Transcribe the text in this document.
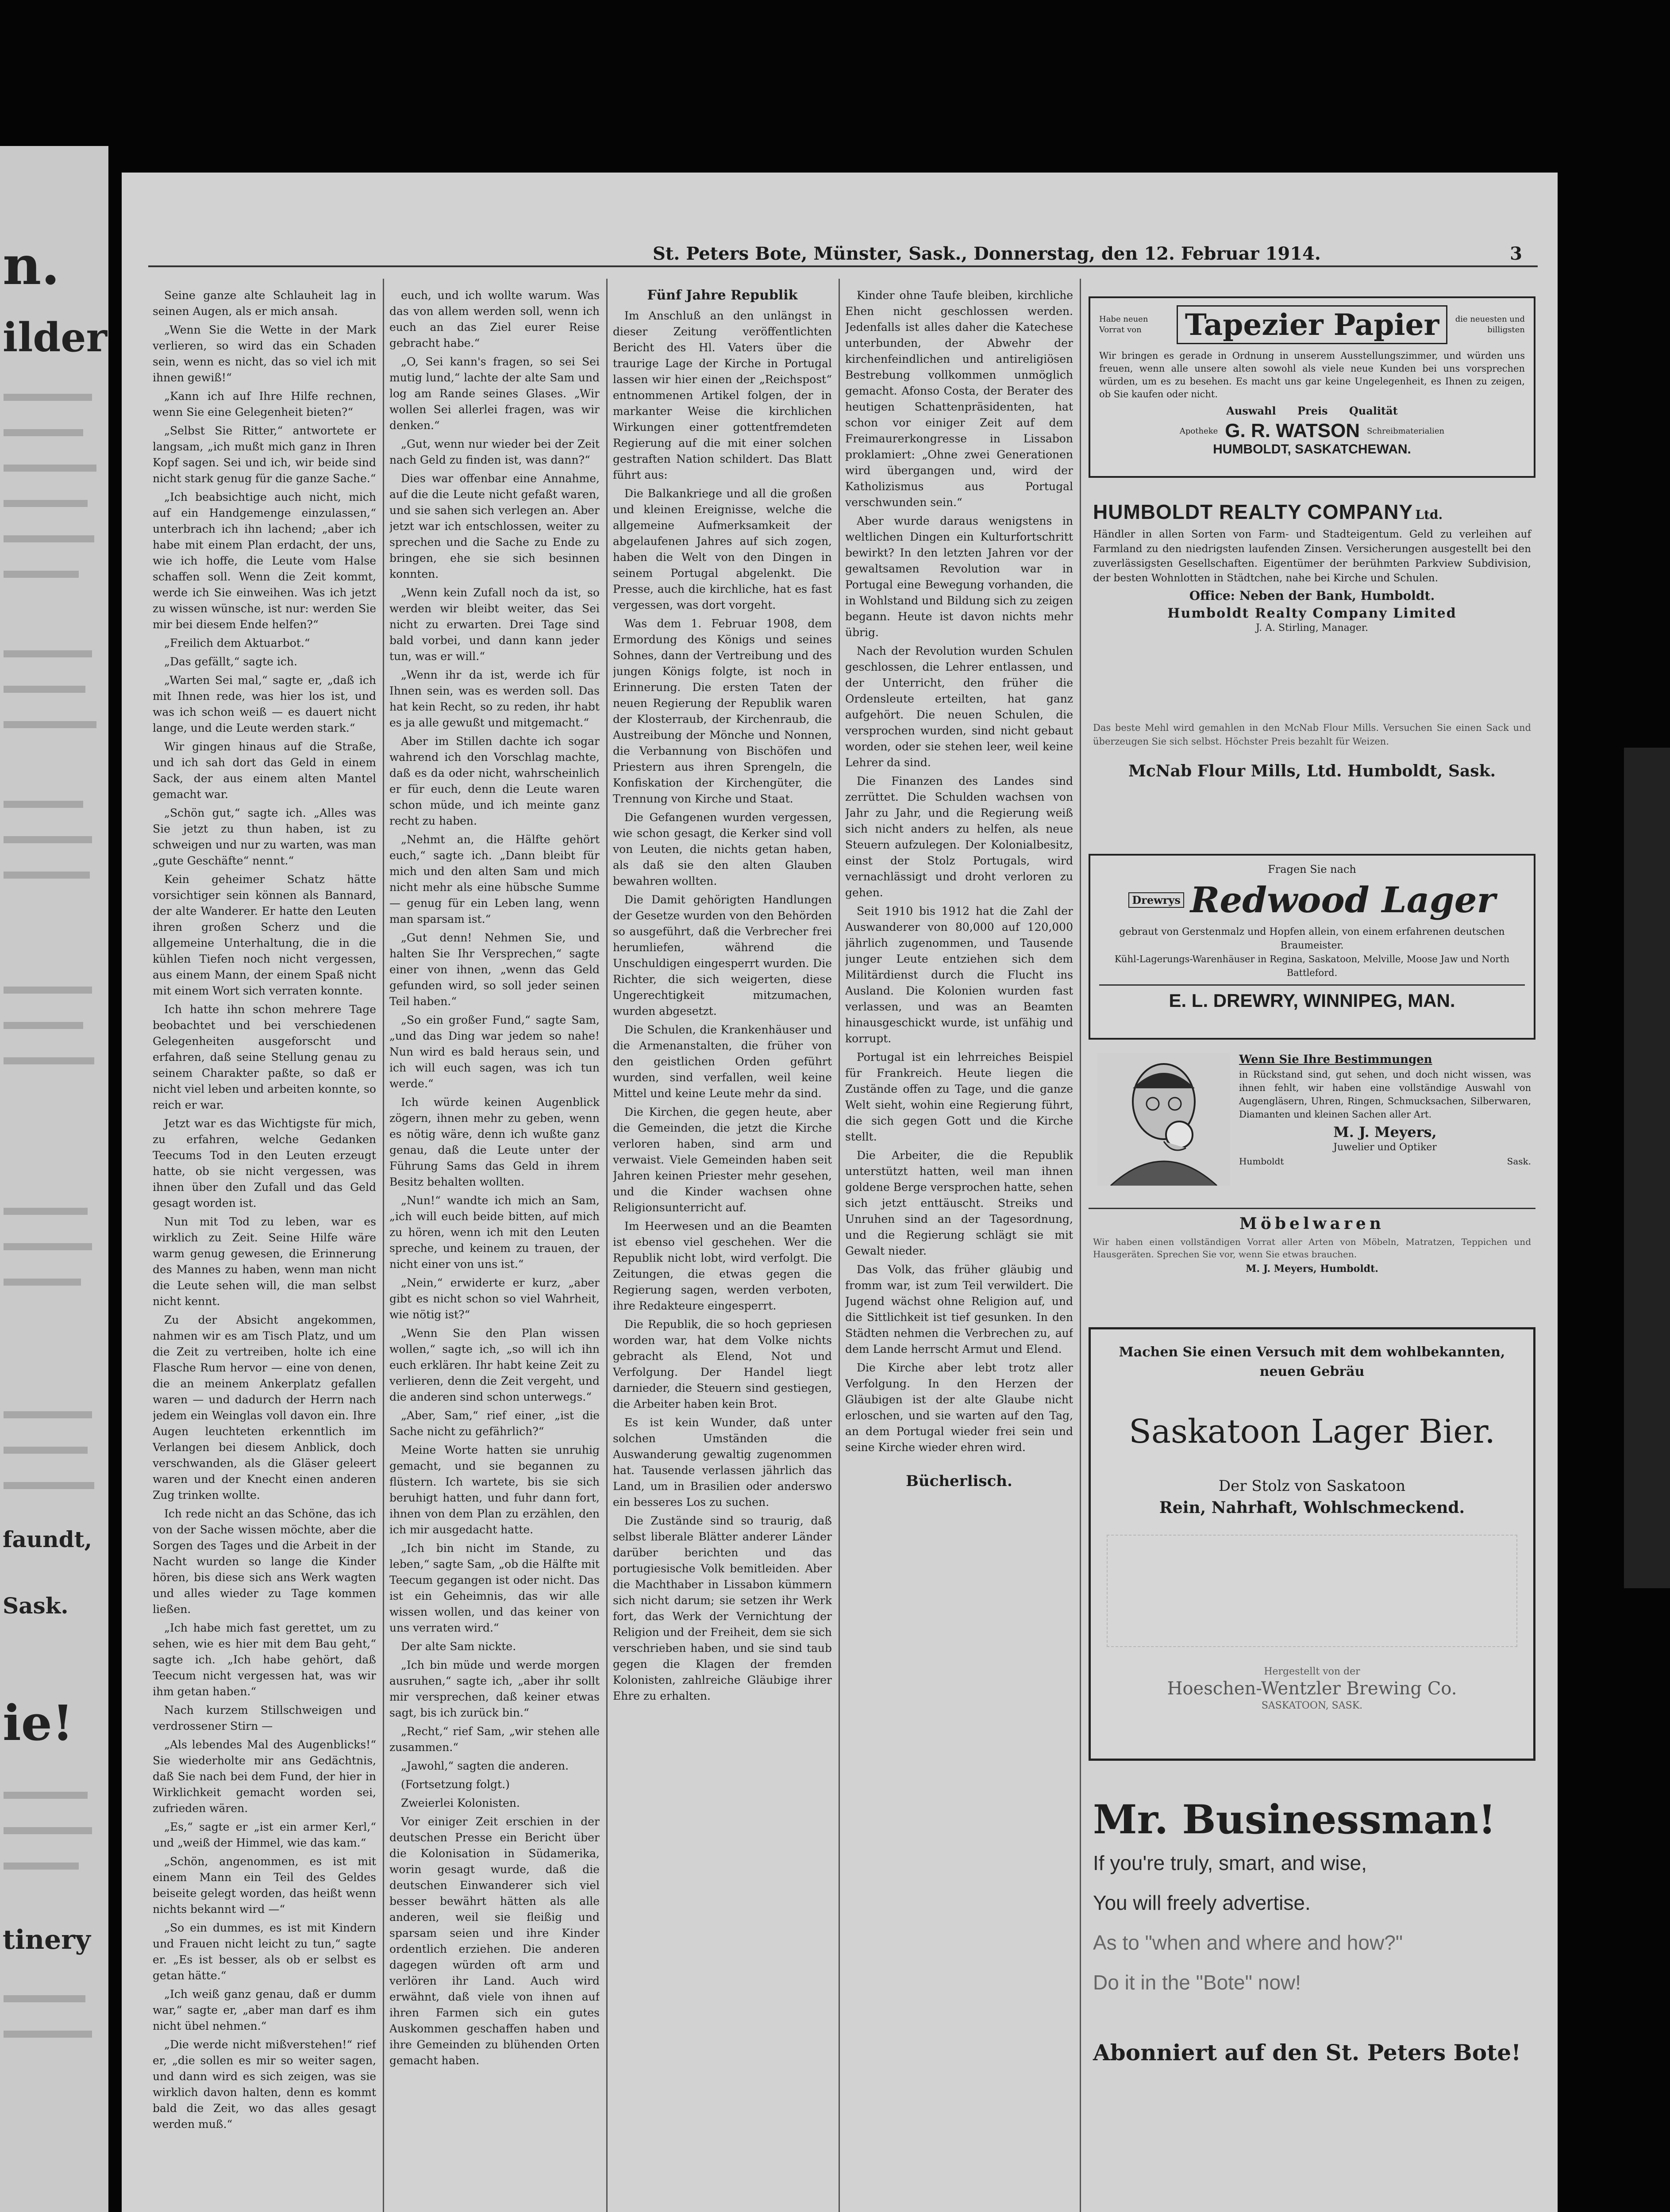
n.
ilder
faundt,
Sask.
ie!
tinery
St. Peters Bote, Münster, Sask., Donnerstag, den 12. Februar 1914.	3

Seine ganze alte Schlauheit lag in seinen Augen, als er mich ansah.

„Wenn Sie die Wette in der Mark verlieren, so wird das ein Schaden sein, wenn es nicht, das so viel ich mit ihnen gewiß!“

„Kann ich auf Ihre Hilfe rechnen, wenn Sie eine Gelegenheit bieten?“

„Selbst Sie Ritter,“ antwortete er langsam, „ich mußt mich ganz in Ihren Kopf sagen. Sei und ich, wir beide sind nicht stark genug für die ganze Sache.“

„Ich beabsichtige auch nicht, mich auf ein Handgemenge einzulassen,“ unterbrach ich ihn lachend; „aber ich habe mit einem Plan erdacht, der uns, wie ich hoffe, die Leute vom Halse schaffen soll. Wenn die Zeit kommt, werde ich Sie einweihen. Was ich jetzt zu wissen wünsche, ist nur: werden Sie mir bei diesem Ende helfen?“

„Freilich dem Aktuarbot.“

„Das gefällt,“ sagte ich.

„Warten Sei mal,“ sagte er, „daß ich mit Ihnen rede, was hier los ist, und was ich schon weiß — es dauert nicht lange, und die Leute werden stark.“

Wir gingen hinaus auf die Straße, und ich sah dort das Geld in einem Sack, der aus einem alten Mantel gemacht war.

„Schön gut,“ sagte ich. „Alles was Sie jetzt zu thun haben, ist zu schweigen und nur zu warten, was man „gute Geschäfte“ nennt.“

Kein geheimer Schatz hätte vorsichtiger sein können als Bannard, der alte Wanderer. Er hatte den Leuten ihren großen Scherz und die allgemeine Unterhaltung, die in die kühlen Tiefen noch nicht vergessen, aus einem Mann, der einem Spaß nicht mit einem Wort sich verraten konnte.

Ich hatte ihn schon mehrere Tage beobachtet und bei verschiedenen Gelegenheiten ausgeforscht und erfahren, daß seine Stellung genau zu seinem Charakter paßte, so daß er nicht viel leben und arbeiten konnte, so reich er war.

Jetzt war es das Wichtigste für mich, zu erfahren, welche Gedanken Teecums Tod in den Leuten erzeugt hatte, ob sie nicht vergessen, was ihnen über den Zufall und das Geld gesagt worden ist.

Nun mit Tod zu leben, war es wirklich zu Zeit. Seine Hilfe wäre warm genug gewesen, die Erinnerung des Mannes zu haben, wenn man nicht die Leute sehen will, die man selbst nicht kennt.

Zu der Absicht angekommen, nahmen wir es am Tisch Platz, und um die Zeit zu vertreiben, holte ich eine Flasche Rum hervor — eine von denen, die an meinem Ankerplatz gefallen waren — und dadurch der Herrn nach jedem ein Weinglas voll davon ein. Ihre Augen leuchteten erkenntlich im Verlangen bei diesem Anblick, doch verschwanden, als die Gläser geleert waren und der Knecht einen anderen Zug trinken wollte.

Ich rede nicht an das Schöne, das ich von der Sache wissen möchte, aber die Sorgen des Tages und die Arbeit in der Nacht wurden so lange die Kinder hören, bis diese sich ans Werk wagten und alles wieder zu Tage kommen ließen.

„Ich habe mich fast gerettet, um zu sehen, wie es hier mit dem Bau geht,“ sagte ich. „Ich habe gehört, daß Teecum nicht vergessen hat, was wir ihm getan haben.“

Nach kurzem Stillschweigen und verdrossener Stirn —

„Als lebendes Mal des Augenblicks!“ Sie wiederholte mir ans Gedächtnis, daß Sie nach bei dem Fund, der hier in Wirklichkeit gemacht worden sei, zufrieden wären.

„Es,“ sagte er „ist ein armer Kerl,“ und „weiß der Himmel, wie das kam.“

„Schön, angenommen, es ist mit einem Mann ein Teil des Geldes beiseite gelegt worden, das heißt wenn nichts bekannt wird —“

„So ein dummes, es ist mit Kindern und Frauen nicht leicht zu tun,“ sagte er. „Es ist besser, als ob er selbst es getan hätte.“

„Ich weiß ganz genau, daß er dumm war,“ sagte er, „aber man darf es ihm nicht übel nehmen.“

„Die werde nicht mißverstehen!“ rief er, „die sollen es mir so weiter sagen, und dann wird es sich zeigen, was sie wirklich davon halten, denn es kommt bald die Zeit, wo das alles gesagt werden muß.“

euch, und ich wollte warum. Was das von allem werden soll, wenn ich euch an das Ziel eurer Reise gebracht habe.“

„O, Sei kann's fragen, so sei Sei mutig lund,“ lachte der alte Sam und log am Rande seines Glases. „Wir wollen Sei allerlei fragen, was wir denken.“

„Gut, wenn nur wieder bei der Zeit nach Geld zu finden ist, was dann?“

Dies war offenbar eine Annahme, auf die die Leute nicht gefaßt waren, und sie sahen sich verlegen an. Aber jetzt war ich entschlossen, weiter zu sprechen und die Sache zu Ende zu bringen, ehe sie sich besinnen konnten.

„Wenn kein Zufall noch da ist, so werden wir bleibt weiter, das Sei nicht zu erwarten. Drei Tage sind bald vorbei, und dann kann jeder tun, was er will.“

„Wenn ihr da ist, werde ich für Ihnen sein, was es werden soll. Das hat kein Recht, so zu reden, ihr habt es ja alle gewußt und mitgemacht.“

Aber im Stillen dachte ich sogar wahrend ich den Vorschlag machte, daß es da oder nicht, wahrscheinlich er für euch, denn die Leute waren schon müde, und ich meinte ganz recht zu haben.

„Nehmt an, die Hälfte gehört euch,“ sagte ich. „Dann bleibt für mich und den alten Sam und mich nicht mehr als eine hübsche Summe — genug für ein Leben lang, wenn man sparsam ist.“

„Gut denn! Nehmen Sie, und halten Sie Ihr Versprechen,“ sagte einer von ihnen, „wenn das Geld gefunden wird, so soll jeder seinen Teil haben.“

„So ein großer Fund,“ sagte Sam, „und das Ding war jedem so nahe! Nun wird es bald heraus sein, und ich will euch sagen, was ich tun werde.“

Ich würde keinen Augenblick zögern, ihnen mehr zu geben, wenn es nötig wäre, denn ich wußte ganz genau, daß die Leute unter der Führung Sams das Geld in ihrem Besitz behalten wollten.

„Nun!“ wandte ich mich an Sam, „ich will euch beide bitten, auf mich zu hören, wenn ich mit den Leuten spreche, und keinem zu trauen, der nicht einer von uns ist.“

„Nein,“ erwiderte er kurz, „aber gibt es nicht schon so viel Wahrheit, wie nötig ist?“

„Wenn Sie den Plan wissen wollen,“ sagte ich, „so will ich ihn euch erklären. Ihr habt keine Zeit zu verlieren, denn die Zeit vergeht, und die anderen sind schon unterwegs.“

„Aber, Sam,“ rief einer, „ist die Sache nicht zu gefährlich?“

Meine Worte hatten sie unruhig gemacht, und sie begannen zu flüstern. Ich wartete, bis sie sich beruhigt hatten, und fuhr dann fort, ihnen von dem Plan zu erzählen, den ich mir ausgedacht hatte.

„Ich bin nicht im Stande, zu leben,“ sagte Sam, „ob die Hälfte mit Teecum gegangen ist oder nicht. Das ist ein Geheimnis, das wir alle wissen wollen, und das keiner von uns verraten wird.“

Der alte Sam nickte.

„Ich bin müde und werde morgen ausruhen,“ sagte ich, „aber ihr sollt mir versprechen, daß keiner etwas sagt, bis ich zurück bin.“

„Recht,“ rief Sam, „wir stehen alle zusammen.“

„Jawohl,“ sagten die anderen.

(Fortsetzung folgt.)

Zweierlei Kolonisten.

Vor einiger Zeit erschien in der deutschen Presse ein Bericht über die Kolonisation in Südamerika, worin gesagt wurde, daß die deutschen Einwanderer sich viel besser bewährt hätten als alle anderen, weil sie fleißig und sparsam seien und ihre Kinder ordentlich erziehen. Die anderen dagegen würden oft arm und verlören ihr Land. Auch wird erwähnt, daß viele von ihnen auf ihren Farmen sich ein gutes Auskommen geschaffen haben und ihre Gemeinden zu blühenden Orten gemacht haben.

Fünf Jahre Republik

Im Anschluß an den unlängst in dieser Zeitung veröffentlichten Bericht des Hl. Vaters über die traurige Lage der Kirche in Portugal lassen wir hier einen der „Reichspost“ entnommenen Artikel folgen, der in markanter Weise die kirchlichen Wirkungen einer gottentfremdeten Regierung auf die mit einer solchen gestraften Nation schildert. Das Blatt führt aus:

Die Balkankriege und all die großen und kleinen Ereignisse, welche die allgemeine Aufmerksamkeit der abgelaufenen Jahres auf sich zogen, haben die Welt von den Dingen in seinem Portugal abgelenkt. Die Presse, auch die kirchliche, hat es fast vergessen, was dort vorgeht.

Was dem 1. Februar 1908, dem Ermordung des Königs und seines Sohnes, dann der Vertreibung und des jungen Königs folgte, ist noch in Erinnerung. Die ersten Taten der neuen Regierung der Republik waren der Klosterraub, der Kirchenraub, die Austreibung der Mönche und Nonnen, die Verbannung von Bischöfen und Priestern aus ihren Sprengeln, die Konfiskation der Kirchengüter, die Trennung von Kirche und Staat.

Die Gefangenen wurden vergessen, wie schon gesagt, die Kerker sind voll von Leuten, die nichts getan haben, als daß sie den alten Glauben bewahren wollten.

Die Damit gehörigten Handlungen der Gesetze wurden von den Behörden so ausgeführt, daß die Verbrecher frei herumliefen, während die Unschuldigen eingesperrt wurden. Die Richter, die sich weigerten, diese Ungerechtigkeit mitzumachen, wurden abgesetzt.

Die Schulen, die Krankenhäuser und die Armenanstalten, die früher von den geistlichen Orden geführt wurden, sind verfallen, weil keine Mittel und keine Leute mehr da sind.

Die Kirchen, die gegen heute, aber die Gemeinden, die jetzt die Kirche verloren haben, sind arm und verwaist. Viele Gemeinden haben seit Jahren keinen Priester mehr gesehen, und die Kinder wachsen ohne Religionsunterricht auf.

Im Heerwesen und an die Beamten ist ebenso viel geschehen. Wer die Republik nicht lobt, wird verfolgt. Die Zeitungen, die etwas gegen die Regierung sagen, werden verboten, ihre Redakteure eingesperrt.

Die Republik, die so hoch gepriesen worden war, hat dem Volke nichts gebracht als Elend, Not und Verfolgung. Der Handel liegt darnieder, die Steuern sind gestiegen, die Arbeiter haben kein Brot.

Es ist kein Wunder, daß unter solchen Umständen die Auswanderung gewaltig zugenommen hat. Tausende verlassen jährlich das Land, um in Brasilien oder anderswo ein besseres Los zu suchen.

Die Zustände sind so traurig, daß selbst liberale Blätter anderer Länder darüber berichten und das portugiesische Volk bemitleiden. Aber die Machthaber in Lissabon kümmern sich nicht darum; sie setzen ihr Werk fort, das Werk der Vernichtung der Religion und der Freiheit, dem sie sich verschrieben haben, und sie sind taub gegen die Klagen der fremden Kolonisten, zahlreiche Gläubige ihrer Ehre zu erhalten.

Kinder ohne Taufe bleiben, kirchliche Ehen nicht geschlossen werden. Jedenfalls ist alles daher die Katechese unterbunden, der Abwehr der kirchenfeindlichen und antireligiösen Bestrebung vollkommen unmöglich gemacht. Afonso Costa, der Berater des heutigen Schattenpräsidenten, hat schon vor einiger Zeit auf dem Freimaurerkongresse in Lissabon proklamiert: „Ohne zwei Generationen wird übergangen und, wird der Katholizismus aus Portugal verschwunden sein.“

Aber wurde daraus wenigstens in weltlichen Dingen ein Kulturfortschritt bewirkt? In den letzten Jahren vor der gewaltsamen Revolution war in Portugal eine Bewegung vorhanden, die in Wohlstand und Bildung sich zu zeigen begann. Heute ist davon nichts mehr übrig.

Nach der Revolution wurden Schulen geschlossen, die Lehrer entlassen, und der Unterricht, den früher die Ordensleute erteilten, hat ganz aufgehört. Die neuen Schulen, die versprochen wurden, sind nicht gebaut worden, oder sie stehen leer, weil keine Lehrer da sind.

Die Finanzen des Landes sind zerrüttet. Die Schulden wachsen von Jahr zu Jahr, und die Regierung weiß sich nicht anders zu helfen, als neue Steuern aufzulegen. Der Kolonialbesitz, einst der Stolz Portugals, wird vernachlässigt und droht verloren zu gehen.

Seit 1910 bis 1912 hat die Zahl der Auswanderer von 80,000 auf 120,000 jährlich zugenommen, und Tausende junger Leute entziehen sich dem Militärdienst durch die Flucht ins Ausland. Die Kolonien wurden fast verlassen, und was an Beamten hinausgeschickt wurde, ist unfähig und korrupt.

Portugal ist ein lehrreiches Beispiel für Frankreich. Heute liegen die Zustände offen zu Tage, und die ganze Welt sieht, wohin eine Regierung führt, die sich gegen Gott und die Kirche stellt.

Die Arbeiter, die die Republik unterstützt hatten, weil man ihnen goldene Berge versprochen hatte, sehen sich jetzt enttäuscht. Streiks und Unruhen sind an der Tagesordnung, und die Regierung schlägt sie mit Gewalt nieder.

Das Volk, das früher gläubig und fromm war, ist zum Teil verwildert. Die Jugend wächst ohne Religion auf, und die Sittlichkeit ist tief gesunken. In den Städten nehmen die Verbrechen zu, auf dem Lande herrscht Armut und Elend.

Die Kirche aber lebt trotz aller Verfolgung. In den Herzen der Gläubigen ist der alte Glaube nicht erloschen, und sie warten auf den Tag, an dem Portugal wieder frei sein und seine Kirche wieder ehren wird.

Bücherlisch.
Habe neuen Vorrat von	Tapezier Papier	die neuesten und billigsten
Wir bringen es gerade in Ordnung in unserem Ausstellungszimmer, und würden uns freuen, wenn alle unsere alten sowohl als viele neue Kunden bei uns vorsprechen würden, um es zu besehen. Es macht uns gar keine Ungelegenheit, es Ihnen zu zeigen, ob Sie kaufen oder nicht.
Auswahl Preis Qualität
Apotheke G. R. WATSON Schreibmaterialien
HUMBOLDT, SASKATCHEWAN.
HUMBOLDT REALTY COMPANY Ltd.
Händler in allen Sorten von Farm- und Stadteigentum. Geld zu verleihen auf Farmland zu den niedrigsten laufenden Zinsen. Versicherungen ausgestellt bei den zuverlässigsten Gesellschaften. Eigentümer der berühmten Parkview Subdivision, der besten Wohnlotten in Städtchen, nahe bei Kirche und Schulen.
Office: Neben der Bank, Humboldt.
Humboldt Realty Company Limited
J. A. Stirling, Manager.
Das beste Mehl wird gemahlen in den McNab Flour Mills. Versuchen Sie einen Sack und überzeugen Sie sich selbst. Höchster Preis bezahlt für Weizen.
McNab Flour Mills, Ltd. Humboldt, Sask.
Fragen Sie nach
Drewrys Redwood Lager
gebraut von Gerstenmalz und Hopfen allein, von einem erfahrenen deutschen Braumeister.
Kühl-Lagerungs-Warenhäuser in Regina, Saskatoon, Melville, Moose Jaw und North Battleford.
E. L. DREWRY, WINNIPEG, MAN.
Wenn Sie Ihre Bestimmungen
in Rückstand sind, gut sehen, und doch nicht wissen, was ihnen fehlt, wir haben eine vollständige Auswahl von Augengläsern, Uhren, Ringen, Schmucksachen, Silberwaren, Diamanten und kleinen Sachen aller Art.
M. J. Meyers,
Juwelier und Optiker
Humboldt	Sask.
Möbelwaren
Wir haben einen vollständigen Vorrat aller Arten von Möbeln, Matratzen, Teppichen und Hausgeräten. Sprechen Sie vor, wenn Sie etwas brauchen.
M. J. Meyers, Humboldt.
Machen Sie einen Versuch mit dem wohlbekannten, neuen Gebräu
Saskatoon Lager Bier.
Der Stolz von Saskatoon
Rein, Nahrhaft, Wohlschmeckend.
Hergestellt von der
Hoeschen-Wentzler Brewing Co.
SASKATOON, SASK.
Mr. Businessman!
If you're truly, smart, and wise,
You will freely advertise.
As to "when and where and how?"
Do it in the "Bote" now!
Abonniert auf den St. Peters Bote!
